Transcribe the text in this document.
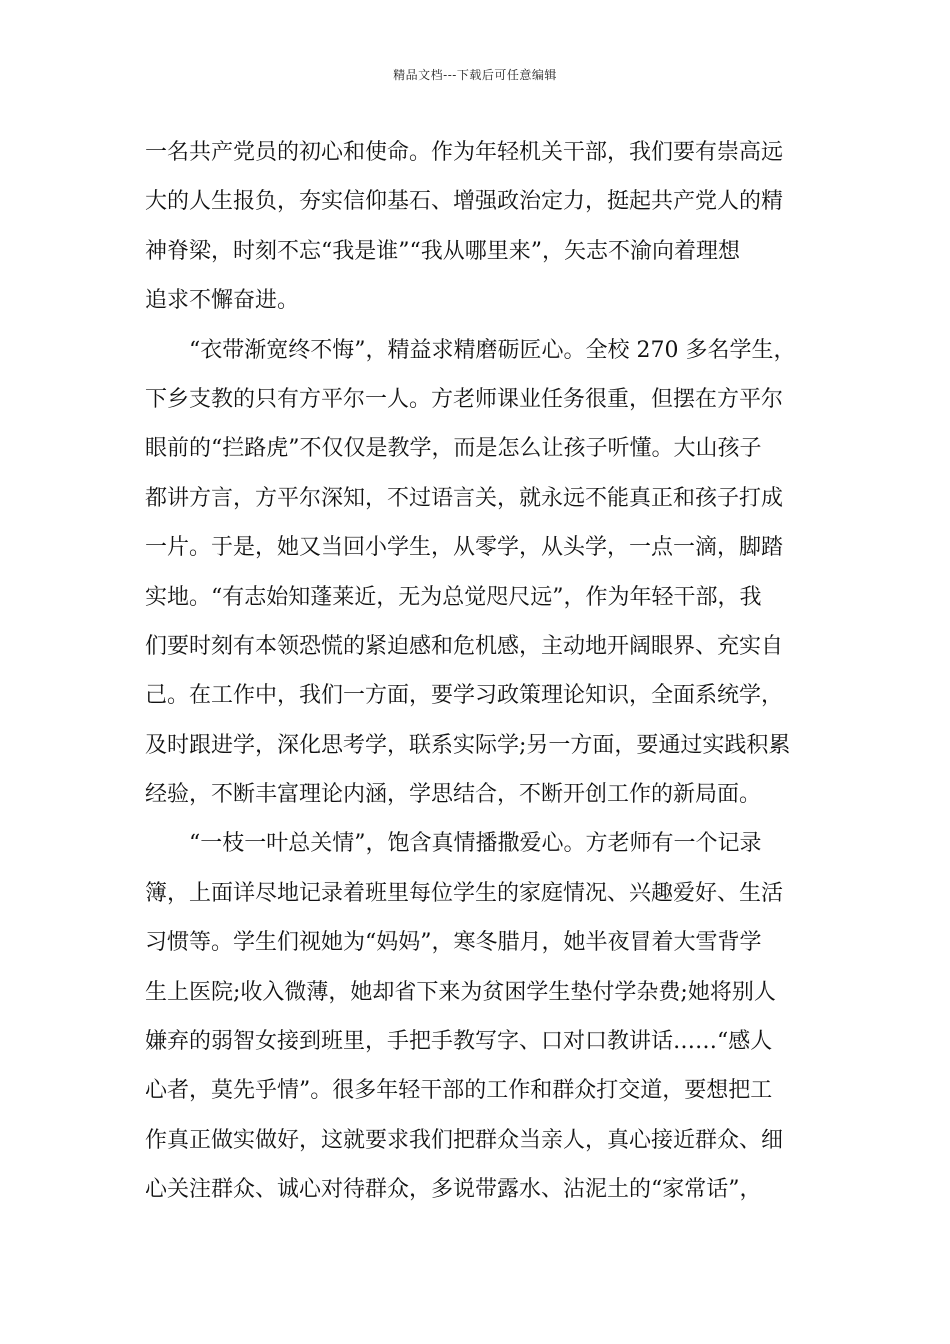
精品文档---下载后可任意编辑
一名共产党员的初心和使命。作为年轻机关干部，我们要有崇高远
大的人生报负，夯实信仰基石、增强政治定力，挺起共产党人的精
神脊梁，时刻不忘“我是谁”“我从哪里来”，矢志不渝向着理想
追求不懈奋进。
　　“衣带渐宽终不悔”，精益求精磨砺匠心。全校 270 多名学生，
下乡支教的只有方平尔一人。方老师课业任务很重，但摆在方平尔
眼前的“拦路虎”不仅仅是教学，而是怎么让孩子听懂。大山孩子
都讲方言，方平尔深知，不过语言关，就永远不能真正和孩子打成
一片。于是，她又当回小学生，从零学，从头学，一点一滴，脚踏
实地。“有志始知蓬莱近，无为总觉咫尺远”，作为年轻干部，我
们要时刻有本领恐慌的紧迫感和危机感，主动地开阔眼界、充实自
己。在工作中，我们一方面，要学习政策理论知识，全面系统学，
及时跟进学，深化思考学，联系实际学;另一方面，要通过实践积累
经验，不断丰富理论内涵，学思结合，不断开创工作的新局面。
　　“一枝一叶总关情”，饱含真情播撒爱心。方老师有一个记录
簿，上面详尽地记录着班里每位学生的家庭情况、兴趣爱好、生活
习惯等。学生们视她为“妈妈”，寒冬腊月，她半夜冒着大雪背学
生上医院;收入微薄，她却省下来为贫困学生垫付学杂费;她将别人
嫌弃的弱智女接到班里，手把手教写字、口对口教讲话……“感人
心者，莫先乎情”。很多年轻干部的工作和群众打交道，要想把工
作真正做实做好，这就要求我们把群众当亲人，真心接近群众、细
心关注群众、诚心对待群众，多说带露水、沾泥土的“家常话”，
